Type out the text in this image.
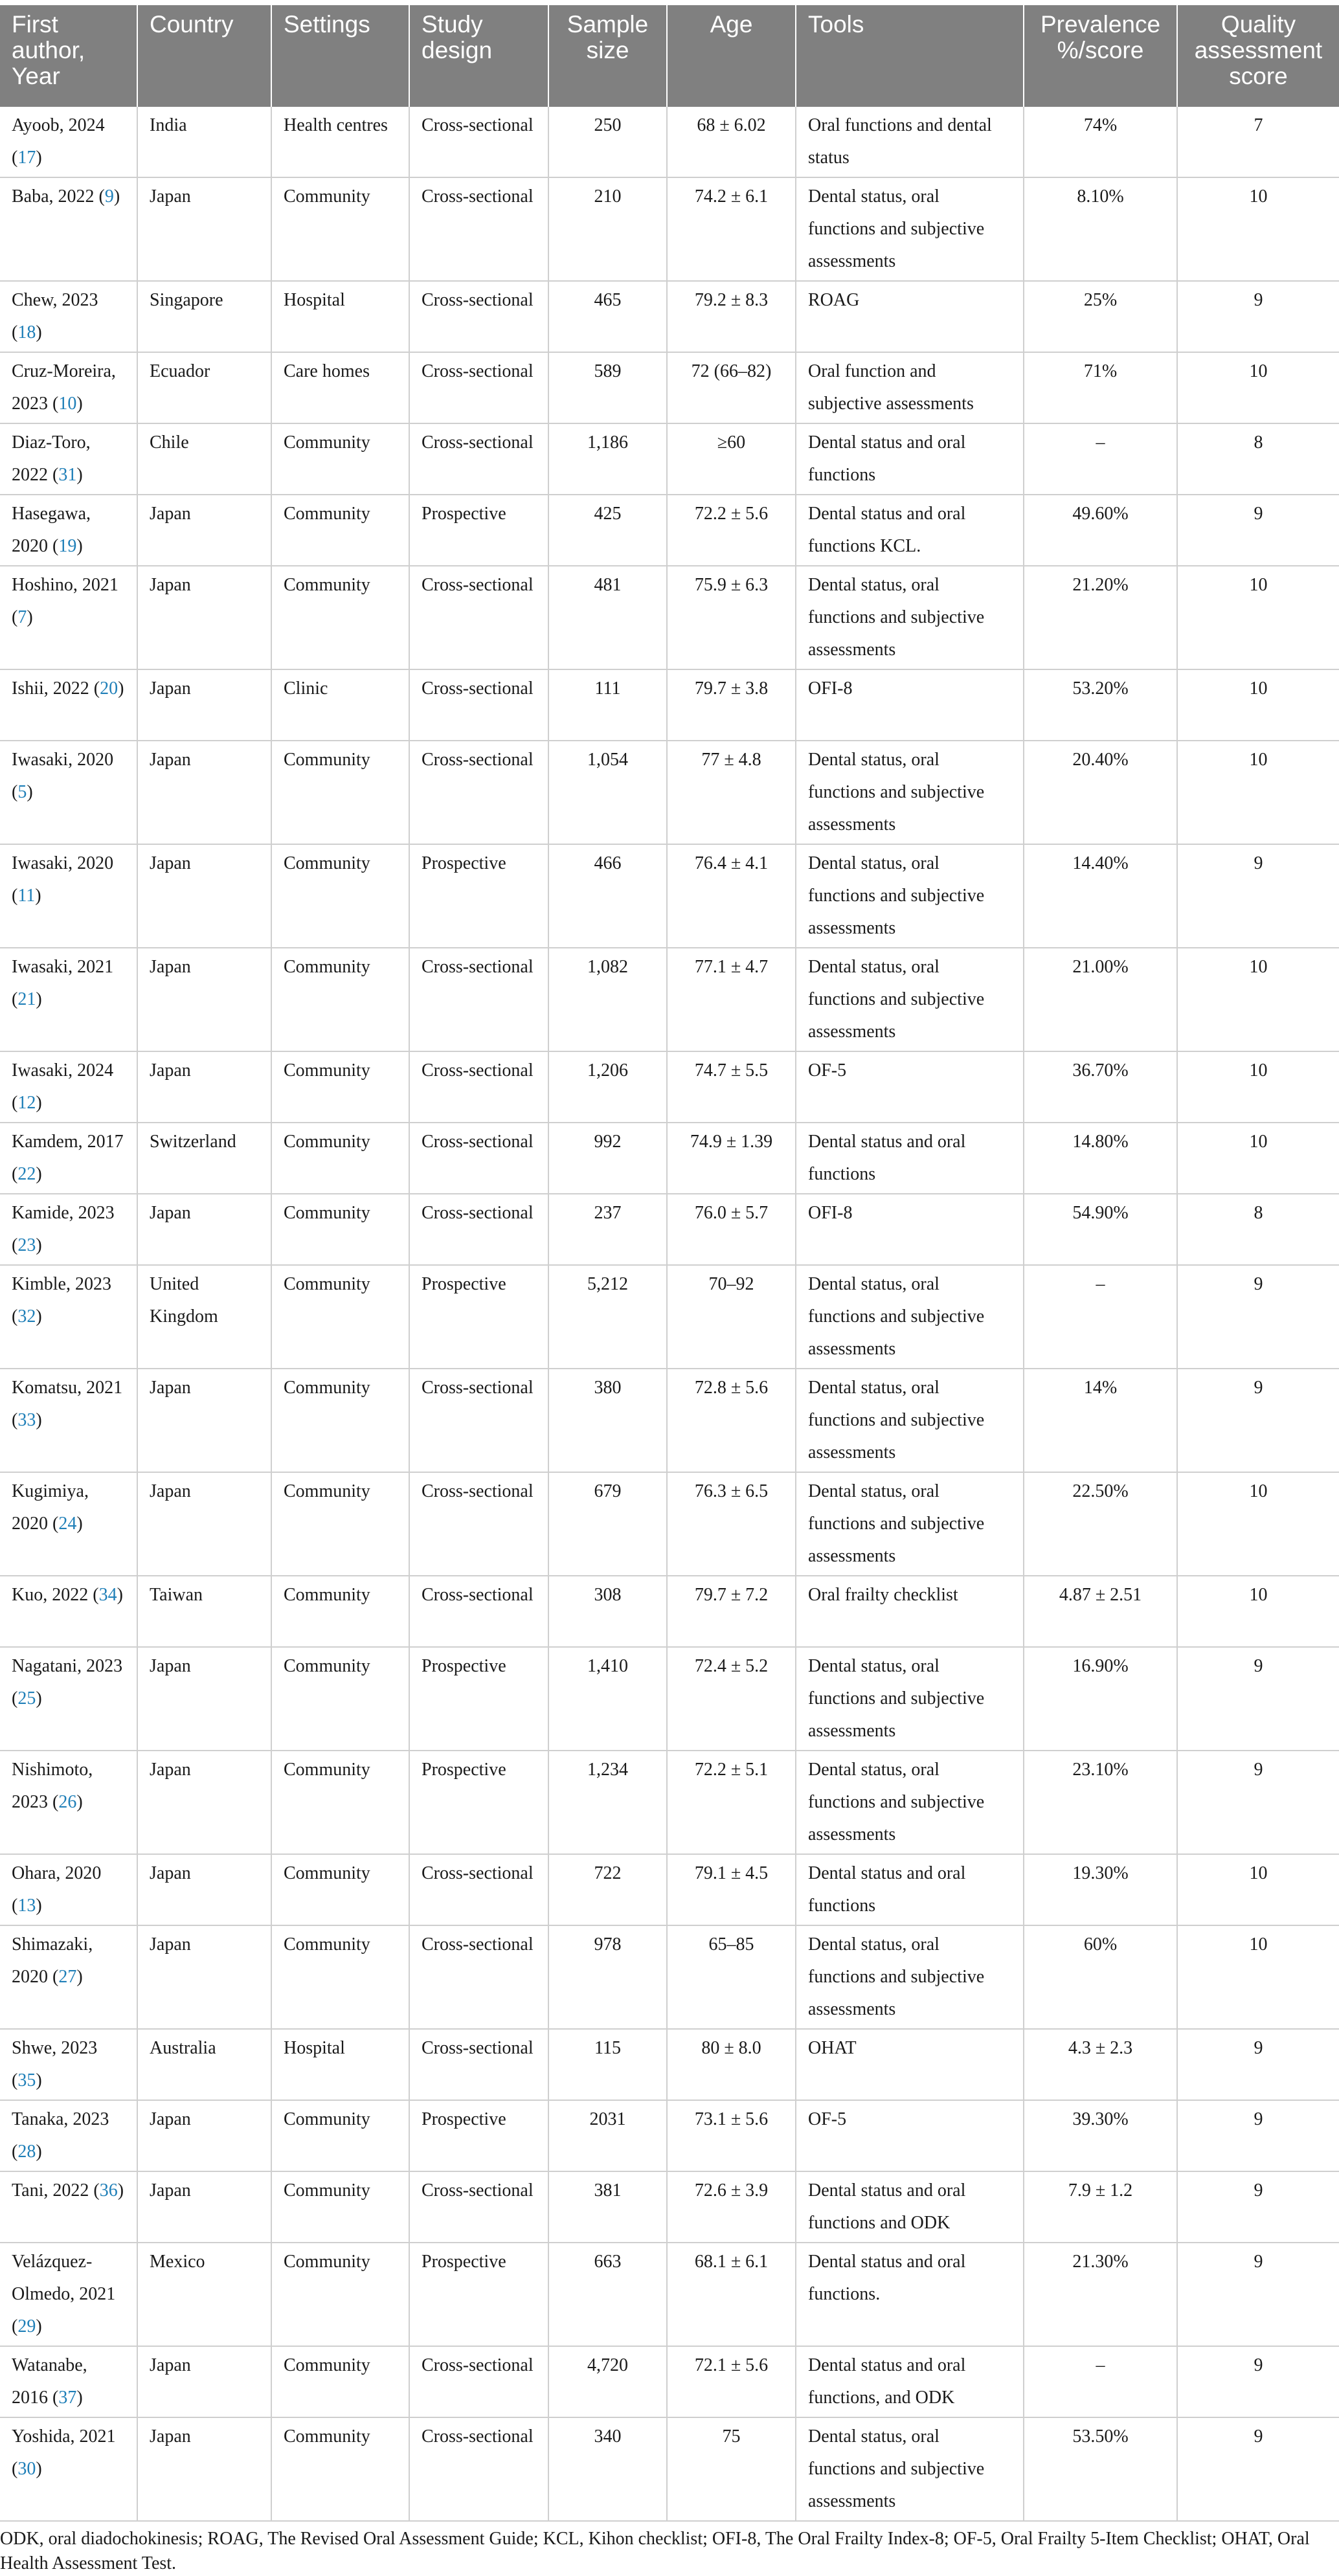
First author, Year	Country	Settings	Study design	Sample size	Age	Tools	Prevalence %/score	Quality assessment score
Ayoob, 2024 (17)	India	Health centres	Cross-sectional	250	68 ± 6.02	Oral functions and dental status	74%	7
Baba, 2022 (9)	Japan	Community	Cross-sectional	210	74.2 ± 6.1	Dental status, oral functions and subjective assessments	8.10%	10
Chew, 2023 (18)	Singapore	Hospital	Cross-sectional	465	79.2 ± 8.3	ROAG	25%	9
Cruz-Moreira, 2023 (10)	Ecuador	Care homes	Cross-sectional	589	72 (66–82)	Oral function and subjective assessments	71%	10
Diaz-Toro, 2022 (31)	Chile	Community	Cross-sectional	1,186	≥60	Dental status and oral functions	–	8
Hasegawa, 2020 (19)	Japan	Community	Prospective	425	72.2 ± 5.6	Dental status and oral functions KCL.	49.60%	9
Hoshino, 2021 (7)	Japan	Community	Cross-sectional	481	75.9 ± 6.3	Dental status, oral functions and subjective assessments	21.20%	10
Ishii, 2022 (20)	Japan	Clinic	Cross-sectional	111	79.7 ± 3.8	OFI-8	53.20%	10
Iwasaki, 2020 (5)	Japan	Community	Cross-sectional	1,054	77 ± 4.8	Dental status, oral functions and subjective assessments	20.40%	10
Iwasaki, 2020 (11)	Japan	Community	Prospective	466	76.4 ± 4.1	Dental status, oral functions and subjective assessments	14.40%	9
Iwasaki, 2021 (21)	Japan	Community	Cross-sectional	1,082	77.1 ± 4.7	Dental status, oral functions and subjective assessments	21.00%	10
Iwasaki, 2024 (12)	Japan	Community	Cross-sectional	1,206	74.7 ± 5.5	OF-5	36.70%	10
Kamdem, 2017 (22)	Switzerland	Community	Cross-sectional	992	74.9 ± 1.39	Dental status and oral functions	14.80%	10
Kamide, 2023 (23)	Japan	Community	Cross-sectional	237	76.0 ± 5.7	OFI-8	54.90%	8
Kimble, 2023 (32)	United Kingdom	Community	Prospective	5,212	70–92	Dental status, oral functions and subjective assessments	–	9
Komatsu, 2021 (33)	Japan	Community	Cross-sectional	380	72.8 ± 5.6	Dental status, oral functions and subjective assessments	14%	9
Kugimiya, 2020 (24)	Japan	Community	Cross-sectional	679	76.3 ± 6.5	Dental status, oral functions and subjective assessments	22.50%	10
Kuo, 2022 (34)	Taiwan	Community	Cross-sectional	308	79.7 ± 7.2	Oral frailty checklist	4.87 ± 2.51	10
Nagatani, 2023 (25)	Japan	Community	Prospective	1,410	72.4 ± 5.2	Dental status, oral functions and subjective assessments	16.90%	9
Nishimoto, 2023 (26)	Japan	Community	Prospective	1,234	72.2 ± 5.1	Dental status, oral functions and subjective assessments	23.10%	9
Ohara, 2020 (13)	Japan	Community	Cross-sectional	722	79.1 ± 4.5	Dental status and oral functions	19.30%	10
Shimazaki, 2020 (27)	Japan	Community	Cross-sectional	978	65–85	Dental status, oral functions and subjective assessments	60%	10
Shwe, 2023 (35)	Australia	Hospital	Cross-sectional	115	80 ± 8.0	OHAT	4.3 ± 2.3	9
Tanaka, 2023 (28)	Japan	Community	Prospective	2031	73.1 ± 5.6	OF-5	39.30%	9
Tani, 2022 (36)	Japan	Community	Cross-sectional	381	72.6 ± 3.9	Dental status and oral functions and ODK	7.9 ± 1.2	9
Velázquez-Olmedo, 2021 (29)	Mexico	Community	Prospective	663	68.1 ± 6.1	Dental status and oral functions.	21.30%	9
Watanabe, 2016 (37)	Japan	Community	Cross-sectional	4,720	72.1 ± 5.6	Dental status and oral functions, and ODK	–	9
Yoshida, 2021 (30)	Japan	Community	Cross-sectional	340	75	Dental status, oral functions and subjective assessments	53.50%	9

ODK, oral diadochokinesis; ROAG, The Revised Oral Assessment Guide; KCL, Kihon checklist; OFI-8, The Oral Frailty Index-8; OF-5, Oral Frailty 5-Item Checklist; OHAT, Oral Health Assessment Test.
